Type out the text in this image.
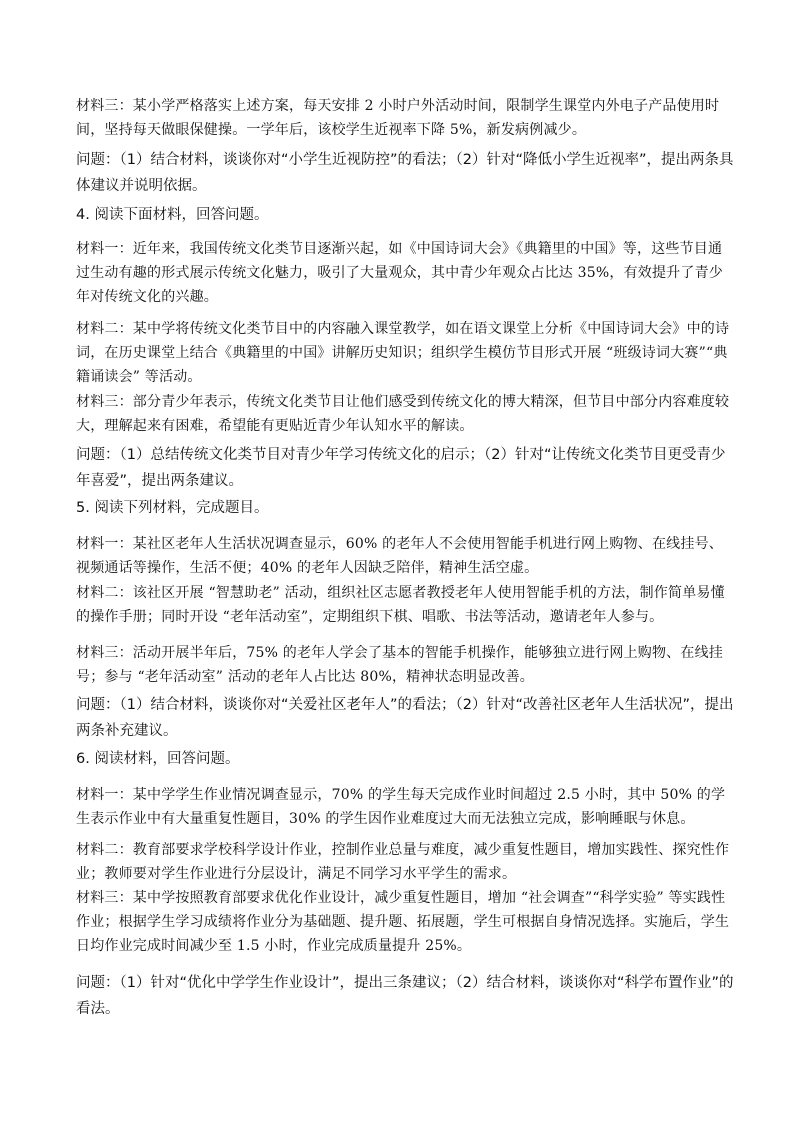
材料三：某小学严格落实上述方案，每天安排 2 小时户外活动时间，限制学生课堂内外电子产品使用时间，坚持每天做眼保健操。一学年后，该校学生近视率下降 5%，新发病例减少。

问题：（1）结合材料，谈谈你对“小学生近视防控”的看法；（2）针对“降低小学生近视率”，提出两条具体建议并说明依据。

4. 阅读下面材料，回答问题。

材料一：近年来，我国传统文化类节目逐渐兴起，如《中国诗词大会》《典籍里的中国》等，这些节目通过生动有趣的形式展示传统文化魅力，吸引了大量观众，其中青少年观众占比达 35%，有效提升了青少年对传统文化的兴趣。

材料二：某中学将传统文化类节目中的内容融入课堂教学，如在语文课堂上分析《中国诗词大会》中的诗词，在历史课堂上结合《典籍里的中国》讲解历史知识；组织学生模仿节目形式开展 “班级诗词大赛”“典籍诵读会” 等活动。

材料三：部分青少年表示，传统文化类节目让他们感受到传统文化的博大精深，但节目中部分内容难度较大，理解起来有困难，希望能有更贴近青少年认知水平的解读。

问题：（1）总结传统文化类节目对青少年学习传统文化的启示；（2）针对“让传统文化类节目更受青少年喜爱”，提出两条建议。

5. 阅读下列材料，完成题目。

材料一：某社区老年人生活状况调查显示，60% 的老年人不会使用智能手机进行网上购物、在线挂号、视频通话等操作，生活不便；40% 的老年人因缺乏陪伴，精神生活空虚。

材料二：该社区开展 “智慧助老” 活动，组织社区志愿者教授老年人使用智能手机的方法，制作简单易懂的操作手册；同时开设 “老年活动室”，定期组织下棋、唱歌、书法等活动，邀请老年人参与。

材料三：活动开展半年后，75% 的老年人学会了基本的智能手机操作，能够独立进行网上购物、在线挂号；参与 “老年活动室” 活动的老年人占比达 80%，精神状态明显改善。

问题：（1）结合材料，谈谈你对“关爱社区老年人”的看法；（2）针对“改善社区老年人生活状况”，提出两条补充建议。

6. 阅读材料，回答问题。

材料一：某中学学生作业情况调查显示，70% 的学生每天完成作业时间超过 2.5 小时，其中 50% 的学生表示作业中有大量重复性题目，30% 的学生因作业难度过大而无法独立完成，影响睡眠与休息。

材料二：教育部要求学校科学设计作业，控制作业总量与难度，减少重复性题目，增加实践性、探究性作业；教师要对学生作业进行分层设计，满足不同学习水平学生的需求。

材料三：某中学按照教育部要求优化作业设计，减少重复性题目，增加 “社会调查”“科学实验” 等实践性作业；根据学生学习成绩将作业分为基础题、提升题、拓展题，学生可根据自身情况选择。实施后，学生日均作业完成时间减少至 1.5 小时，作业完成质量提升 25%。

问题：（1）针对“优化中学学生作业设计”，提出三条建议；（2）结合材料，谈谈你对“科学布置作业”的看法。
